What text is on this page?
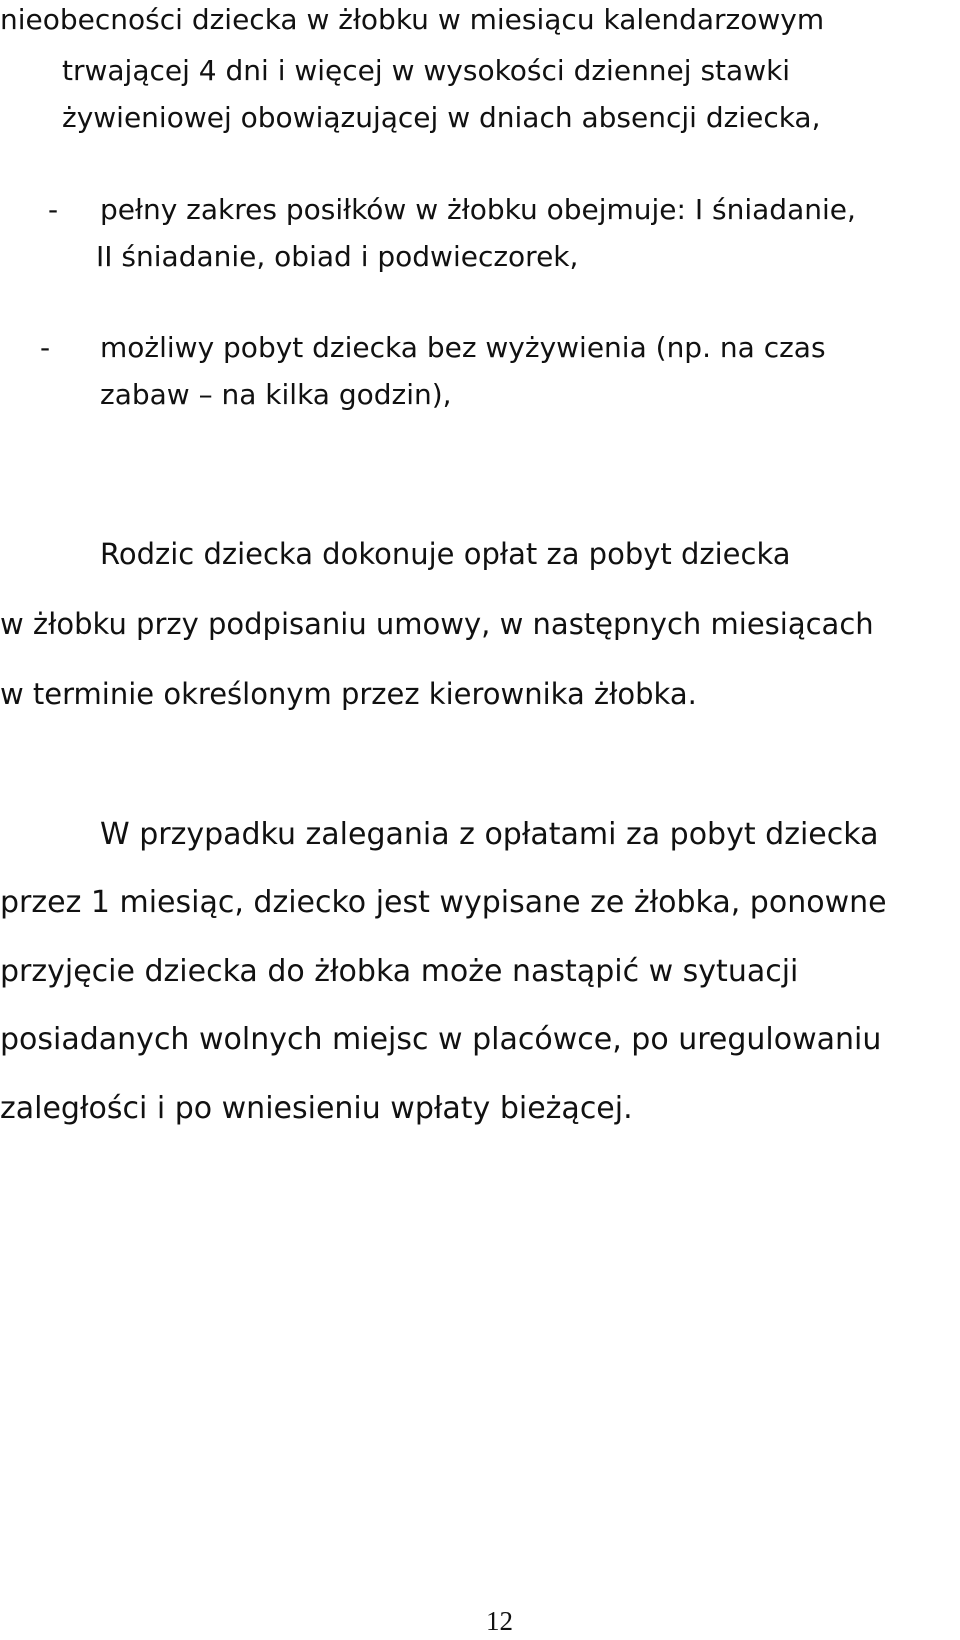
nieobecności dziecka w żłobku w miesiącu kalendarzowym
trwającej 4 dni i więcej w wysokości dziennej stawki
żywieniowej obowiązującej w dniach absencji dziecka,
- pełny zakres posiłków w żłobku obejmuje: I śniadanie,
II śniadanie, obiad i podwieczorek,
- możliwy pobyt dziecka bez wyżywienia (np. na czas
zabaw – na kilka godzin),
Rodzic dziecka dokonuje opłat za pobyt dziecka
w żłobku przy podpisaniu umowy, w następnych miesiącach
w terminie określonym przez kierownika żłobka.
W przypadku zalegania z opłatami za pobyt dziecka
przez 1 miesiąc, dziecko jest wypisane ze żłobka, ponowne
przyjęcie dziecka do żłobka może nastąpić w sytuacji
posiadanych wolnych miejsc w placówce, po uregulowaniu
zaległości i po wniesieniu wpłaty bieżącej.
12
